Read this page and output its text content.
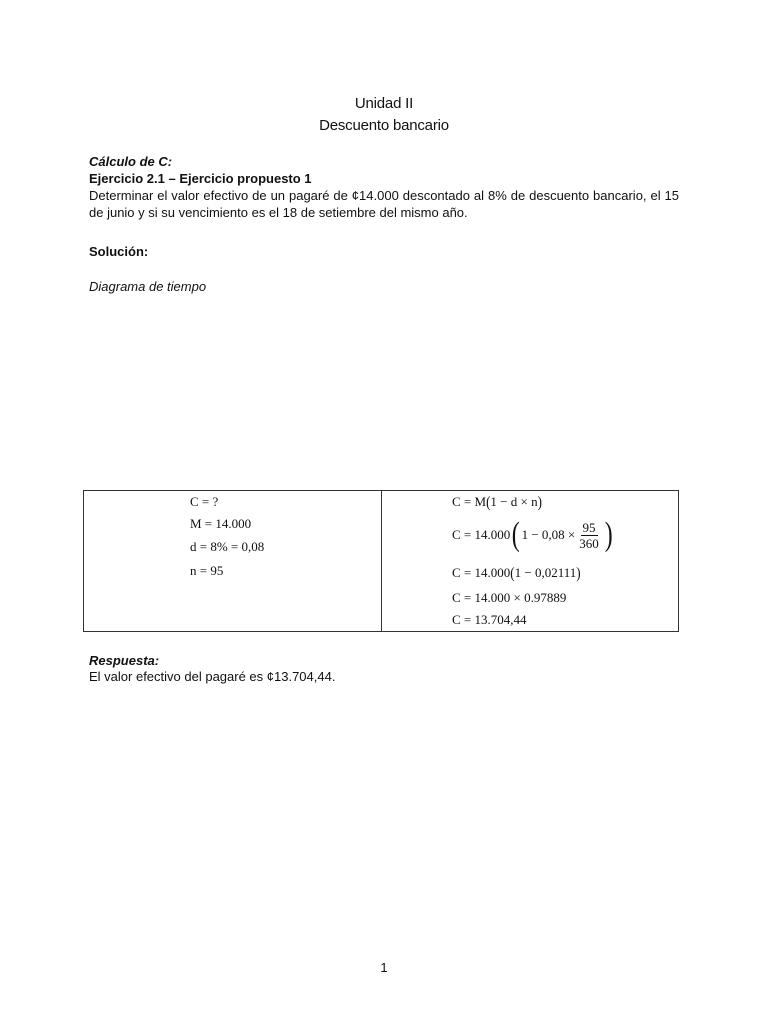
Unidad II
Descuento bancario
Cálculo de C:
Ejercicio 2.1 – Ejercicio propuesto 1
Determinar el valor efectivo de un pagaré de ¢14.000 descontado al 8% de descuento bancario, el 15 de junio y si su vencimiento es el 18 de setiembre del mismo año.
Solución:
Diagrama de tiempo
C = ?
M = 14.000
d = 8% = 0,08
n = 95
C = M(1 − d × n)
C = 14.000( $1 - 0,08 \times \frac{95}{360}$ )
C = 14.000(1 − 0,02111)
C = 14.000 × 0.97889
C = 13.704,44
Respuesta:
El valor efectivo del pagaré es ¢13.704,44.
1
